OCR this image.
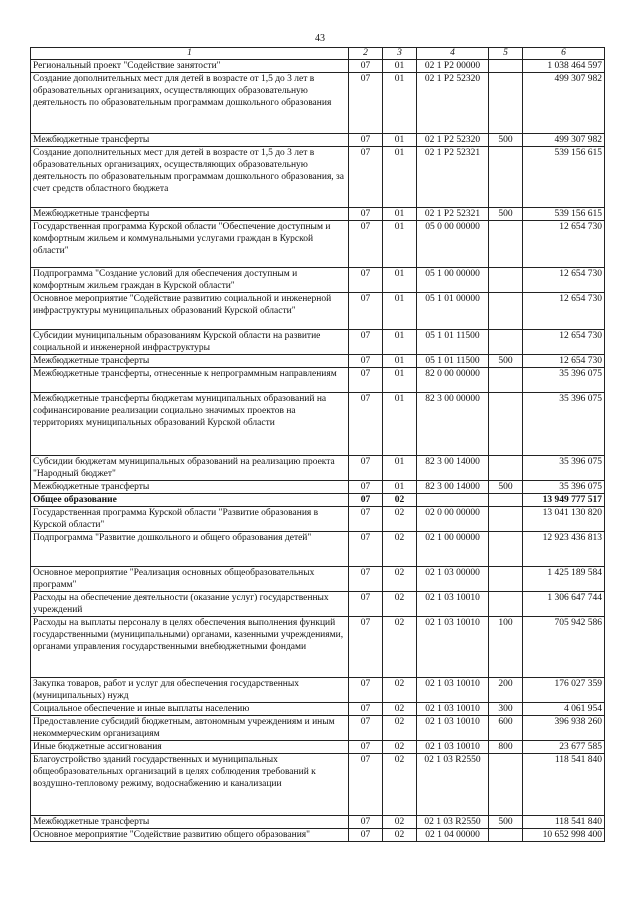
43
1	2	3	4	5	6
Региональный проект "Содействие занятости"	07	01	02 1 P2 00000		1 038 464 597
Создание дополнительных мест для детей в возрасте от 1,5 до 3 лет в образовательных организациях, осуществляющих образовательную деятельность по образовательным программам дошкольного образования	07	01	02 1 P2 52320		499 307 982
Межбюджетные трансферты	07	01	02 1 P2 52320	500	499 307 982
Создание дополнительных мест для детей в возрасте от 1,5 до 3 лет в образовательных организациях, осуществляющих образовательную деятельность по образовательным программам дошкольного образования, за счет средств областного бюджета	07	01	02 1 P2 52321		539 156 615
Межбюджетные трансферты	07	01	02 1 P2 52321	500	539 156 615
Государственная программа Курской области "Обеспечение доступным и комфортным жильем и коммунальными услугами граждан в Курской области"	07	01	05 0 00 00000		12 654 730
Подпрограмма "Создание условий для обеспечения доступным и комфортным жильем граждан в Курской области"	07	01	05 1 00 00000		12 654 730
Основное мероприятие "Содействие развитию социальной и инженерной инфраструктуры муниципальных образований Курской области"	07	01	05 1 01 00000		12 654 730
Субсидии муниципальным образованиям Курской области на развитие социальной и инженерной инфраструктуры	07	01	05 1 01 11500		12 654 730
Межбюджетные трансферты	07	01	05 1 01 11500	500	12 654 730
Межбюджетные трансферты, отнесенные к непрограммным направлениям	07	01	82 0 00 00000		35 396 075
Межбюджетные трансферты бюджетам муниципальных образований на софинансирование реализации социально значимых проектов на территориях муниципальных образований Курской области	07	01	82 3 00 00000		35 396 075
Субсидии бюджетам муниципальных образований на реализацию проекта "Народный бюджет"	07	01	82 3 00 14000		35 396 075
Межбюджетные трансферты	07	01	82 3 00 14000	500	35 396 075
Общее образование	07	02			13 949 777 517
Государственная программа Курской области "Развитие образования в Курской области"	07	02	02 0 00 00000		13 041 130 820
Подпрограмма "Развитие дошкольного и общего образования детей"	07	02	02 1 00 00000		12 923 436 813
Основное мероприятие "Реализация основных общеобразовательных программ"	07	02	02 1 03 00000		1 425 189 584
Расходы на обеспечение деятельности (оказание услуг) государственных учреждений	07	02	02 1 03 10010		1 306 647 744
Расходы на выплаты персоналу в целях обеспечения выполнения функций государственными (муниципальными) органами, казенными учреждениями, органами управления государственными внебюджетными фондами	07	02	02 1 03 10010	100	705 942 586
Закупка товаров, работ и услуг для обеспечения государственных (муниципальных) нужд	07	02	02 1 03 10010	200	176 027 359
Социальное обеспечение и иные выплаты населению	07	02	02 1 03 10010	300	4 061 954
Предоставление субсидий бюджетным, автономным учреждениям и иным некоммерческим организациям	07	02	02 1 03 10010	600	396 938 260
Иные бюджетные ассигнования	07	02	02 1 03 10010	800	23 677 585
Благоустройство зданий государственных и муниципальных общеобразовательных организаций в целях соблюдения требований к воздушно-тепловому режиму, водоснабжению и канализации	07	02	02 1 03 R2550		118 541 840
Межбюджетные трансферты	07	02	02 1 03 R2550	500	118 541 840
Основное мероприятие "Содействие развитию общего образования"	07	02	02 1 04 00000		10 652 998 400
